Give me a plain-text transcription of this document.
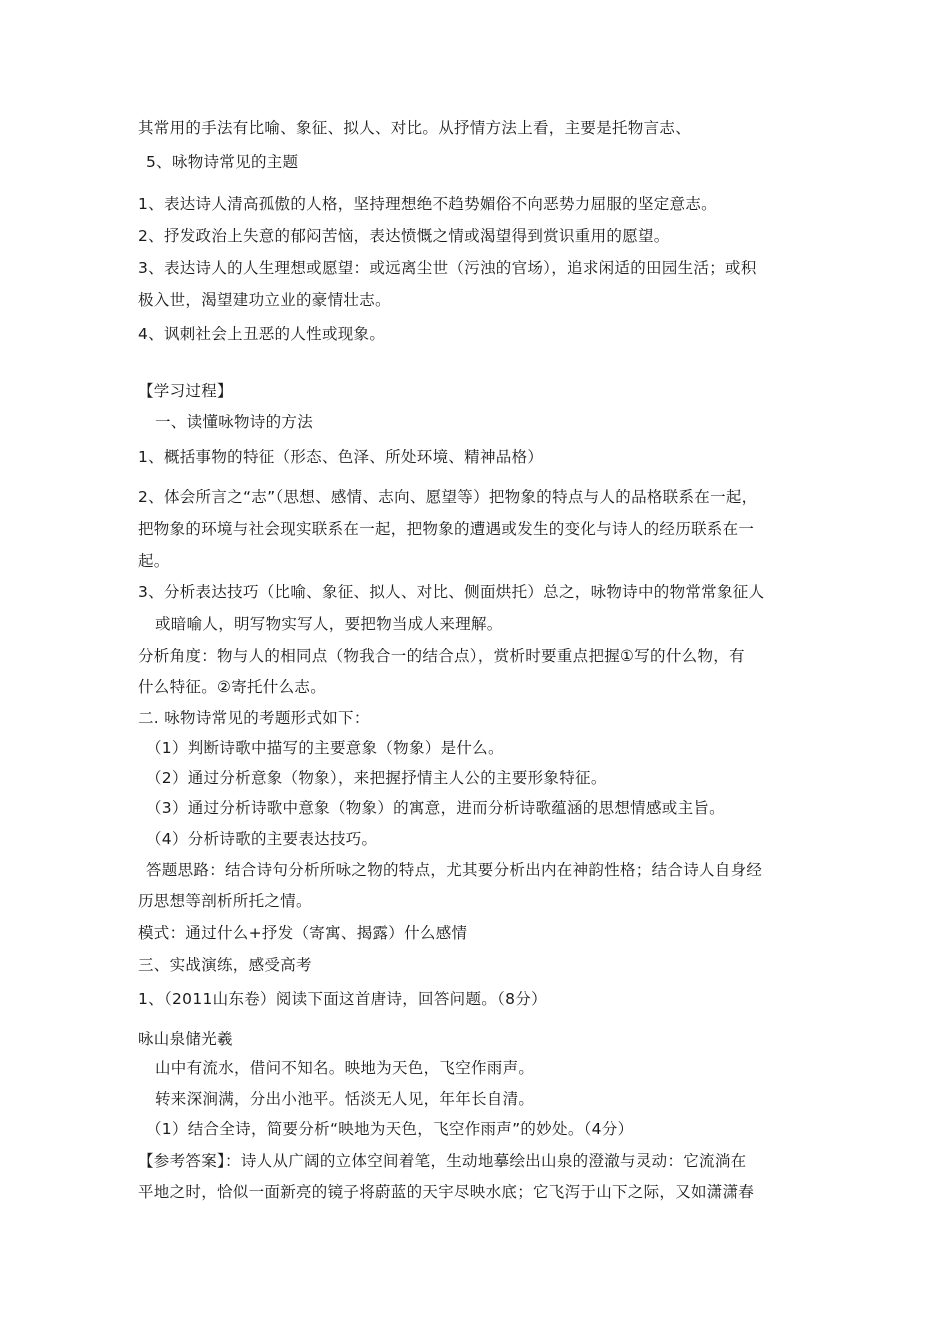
其常用的手法有比喻、象征、拟人、对比。从抒情方法上看，主要是托物言志、
5、咏物诗常见的主题
1、表达诗人清高孤傲的人格，坚持理想绝不趋势媚俗不向恶势力屈服的坚定意志。
2、抒发政治上失意的郁闷苦恼，表达愤慨之情或渴望得到赏识重用的愿望。
3、表达诗人的人生理想或愿望：或远离尘世（污浊的官场），追求闲适的田园生活；或积
极入世，渴望建功立业的豪情壮志。
4、讽刺社会上丑恶的人性或现象。
【学习过程】
一、读懂咏物诗的方法
1、概括事物的特征（形态、色泽、所处环境、精神品格）
2、体会所言之“志”（思想、感情、志向、愿望等）把物象的特点与人的品格联系在一起，
把物象的环境与社会现实联系在一起，把物象的遭遇或发生的变化与诗人的经历联系在一
起。
3、分析表达技巧（比喻、象征、拟人、对比、侧面烘托）总之，咏物诗中的物常常象征人
或暗喻人，明写物实写人，要把物当成人来理解。
分析角度：物与人的相同点（物我合一的结合点），赏析时要重点把握①写的什么物，有
什么特征。②寄托什么志。
二. 咏物诗常见的考题形式如下：
（1）判断诗歌中描写的主要意象（物象）是什么。
（2）通过分析意象（物象），来把握抒情主人公的主要形象特征。
（3）通过分析诗歌中意象（物象）的寓意，进而分析诗歌蕴涵的思想情感或主旨。
（4）分析诗歌的主要表达技巧。
答题思路：结合诗句分析所咏之物的特点，尤其要分析出内在神韵性格；结合诗人自身经
历思想等剖析所托之情。
模式：通过什么+抒发（寄寓、揭露）什么感情
三、实战演练，感受高考
1、（2011山东卷）阅读下面这首唐诗，回答问题。（8分）
咏山泉储光羲
山中有流水，借问不知名。映地为天色，飞空作雨声。
转来深涧满，分出小池平。恬淡无人见，年年长自清。
（1）结合全诗，简要分析“映地为天色，飞空作雨声”的妙处。（4分）
【参考答案】：诗人从广阔的立体空间着笔，生动地摹绘出山泉的澄澈与灵动：它流淌在
平地之时，恰似一面新亮的镜子将蔚蓝的天宇尽映水底；它飞泻于山下之际，又如潇潇春
